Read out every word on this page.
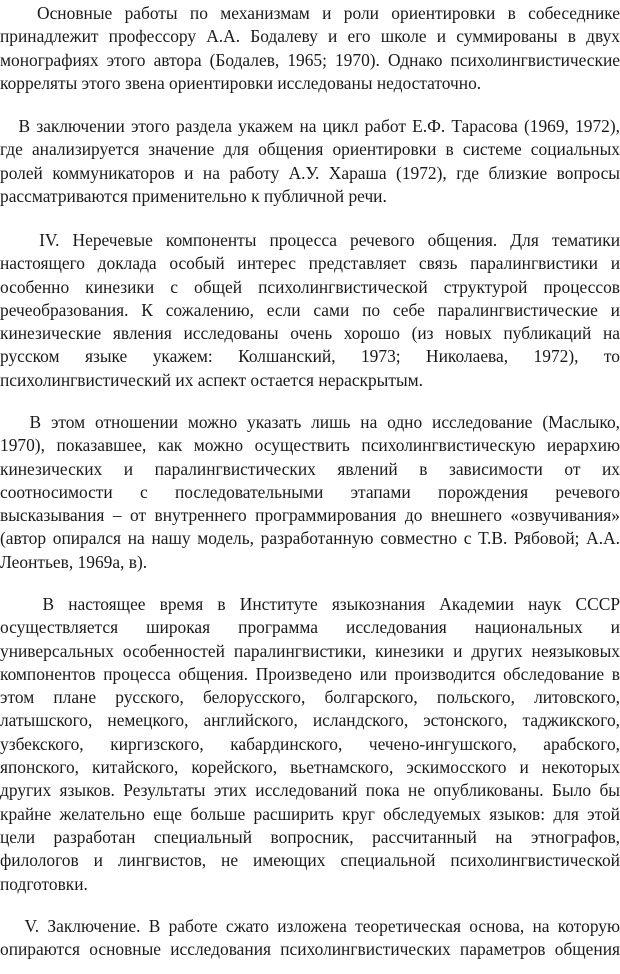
Основные работы по механизмам и роли ориентировки в собеседнике
принадлежит профессору А.А. Бодалеву и его школе и суммированы в двух
монографиях этого автора (Бодалев, 1965; 1970). Однако психолингвистические
корреляты этого звена ориентировки исследованы недостаточно.
В заключении этого раздела укажем на цикл работ Е.Ф. Тарасова (1969, 1972),
где анализируется значение для общения ориентировки в системе социальных
ролей коммуникаторов и на работу А.У. Хараша (1972), где близкие вопросы
рассматриваются применительно к публичной речи.
IV. Неречевые компоненты процесса речевого общения. Для тематики
настоящего доклада особый интерес представляет связь паралингвистики и
особенно кинезики с общей психолингвистической структурой процессов
речеобразования. К сожалению, если сами по себе паралингвистические и
кинезические явления исследованы очень хорошо (из новых публикаций на
русском языке укажем: Колшанский, 1973; Николаева, 1972), то
психолингвистический их аспект остается нераскрытым.
В этом отношении можно указать лишь на одно исследование (Маслыко,
1970), показавшее, как можно осуществить психолингвистическую иерархию
кинезических и паралингвистических явлений в зависимости от их
соотносимости с последовательными этапами порождения речевого
высказывания – от внутреннего программирования до внешнего «озвучивания»
(автор опирался на нашу модель, разработанную совместно с Т.В. Рябовой; А.А.
Леонтьев, 1969а, в).
В настоящее время в Институте языкознания Академии наук СССР
осуществляется широкая программа исследования национальных и
универсальных особенностей паралингвистики, кинезики и других неязыковых
компонентов процесса общения. Произведено или производится обследование в
этом плане русского, белорусского, болгарского, польского, литовского,
латышского, немецкого, английского, исландского, эстонского, таджикского,
узбекского, киргизского, кабардинского, чечено-ингушского, арабского,
японского, китайского, корейского, вьетнамского, эскимосского и некоторых
других языков. Результаты этих исследований пока не опубликованы. Было бы
крайне желательно еще больше расширить круг обследуемых языков: для этой
цели разработан специальный вопросник, рассчитанный на этнографов,
филологов и лингвистов, не имеющих специальной психолингвистической
подготовки.
V. Заключение. В работе сжато изложена теоретическая основа, на которую
опираются основные исследования психолингвистических параметров общения
